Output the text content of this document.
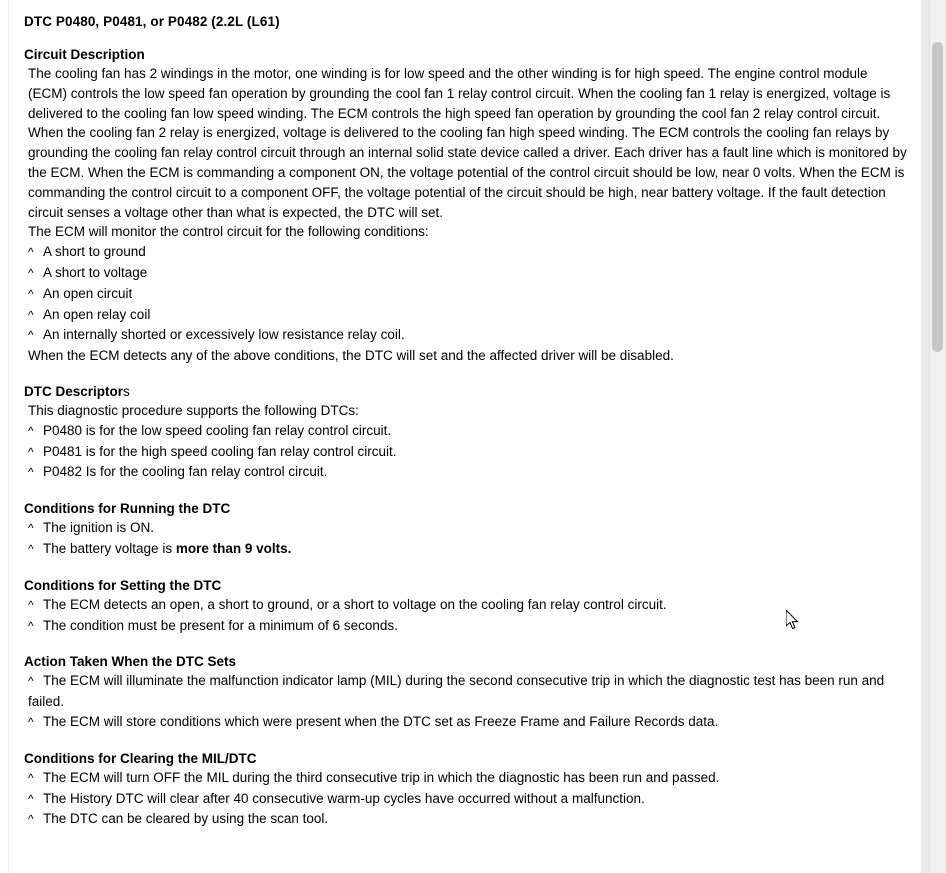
DTC P0480, P0481, or P0482 (2.2L (L61)
Circuit Description

The cooling fan has 2 windings in the motor, one winding is for low speed and the other winding is for high speed. The engine control module (ECM) controls the low speed fan operation by grounding the cool fan 1 relay control circuit. When the cooling fan 1 relay is energized, voltage is delivered to the cooling fan low speed winding. The ECM controls the high speed fan operation by grounding the cool fan 2 relay control circuit. When the cooling fan 2 relay is energized, voltage is delivered to the cooling fan high speed winding. The ECM controls the cooling fan relays by grounding the cooling fan relay control circuit through an internal solid state device called a driver. Each driver has a fault line which is monitored by the ECM. When the ECM is commanding a component ON, the voltage potential of the control circuit should be low, near 0 volts. When the ECM is commanding the control circuit to a component OFF, the voltage potential of the circuit should be high, near battery voltage. If the fault detection circuit senses a voltage other than what is expected, the DTC will set.

The ECM will monitor the control circuit for the following conditions:
^ A short to ground
^ A short to voltage
^ An open circuit
^ An open relay coil
^ An internally shorted or excessively low resistance relay coil.
When the ECM detects any of the above conditions, the DTC will set and the affected driver will be disabled.
DTC Descriptors
This diagnostic procedure supports the following DTCs:
^ P0480 is for the low speed cooling fan relay control circuit.
^ P0481 is for the high speed cooling fan relay control circuit.
^ P0482 Is for the cooling fan relay control circuit.
Conditions for Running the DTC
^ The ignition is ON.
^ The battery voltage is more than 9 volts.
Conditions for Setting the DTC
^ The ECM detects an open, a short to ground, or a short to voltage on the cooling fan relay control circuit.
^ The condition must be present for a minimum of 6 seconds.
Action Taken When the DTC Sets
^ The ECM will illuminate the malfunction indicator lamp (MIL) during the second consecutive trip in which the diagnostic test has been run and failed.
^ The ECM will store conditions which were present when the DTC set as Freeze Frame and Failure Records data.
Conditions for Clearing the MIL/DTC
^ The ECM will turn OFF the MIL during the third consecutive trip in which the diagnostic has been run and passed.
^ The History DTC will clear after 40 consecutive warm-up cycles have occurred without a malfunction.
^ The DTC can be cleared by using the scan tool.
